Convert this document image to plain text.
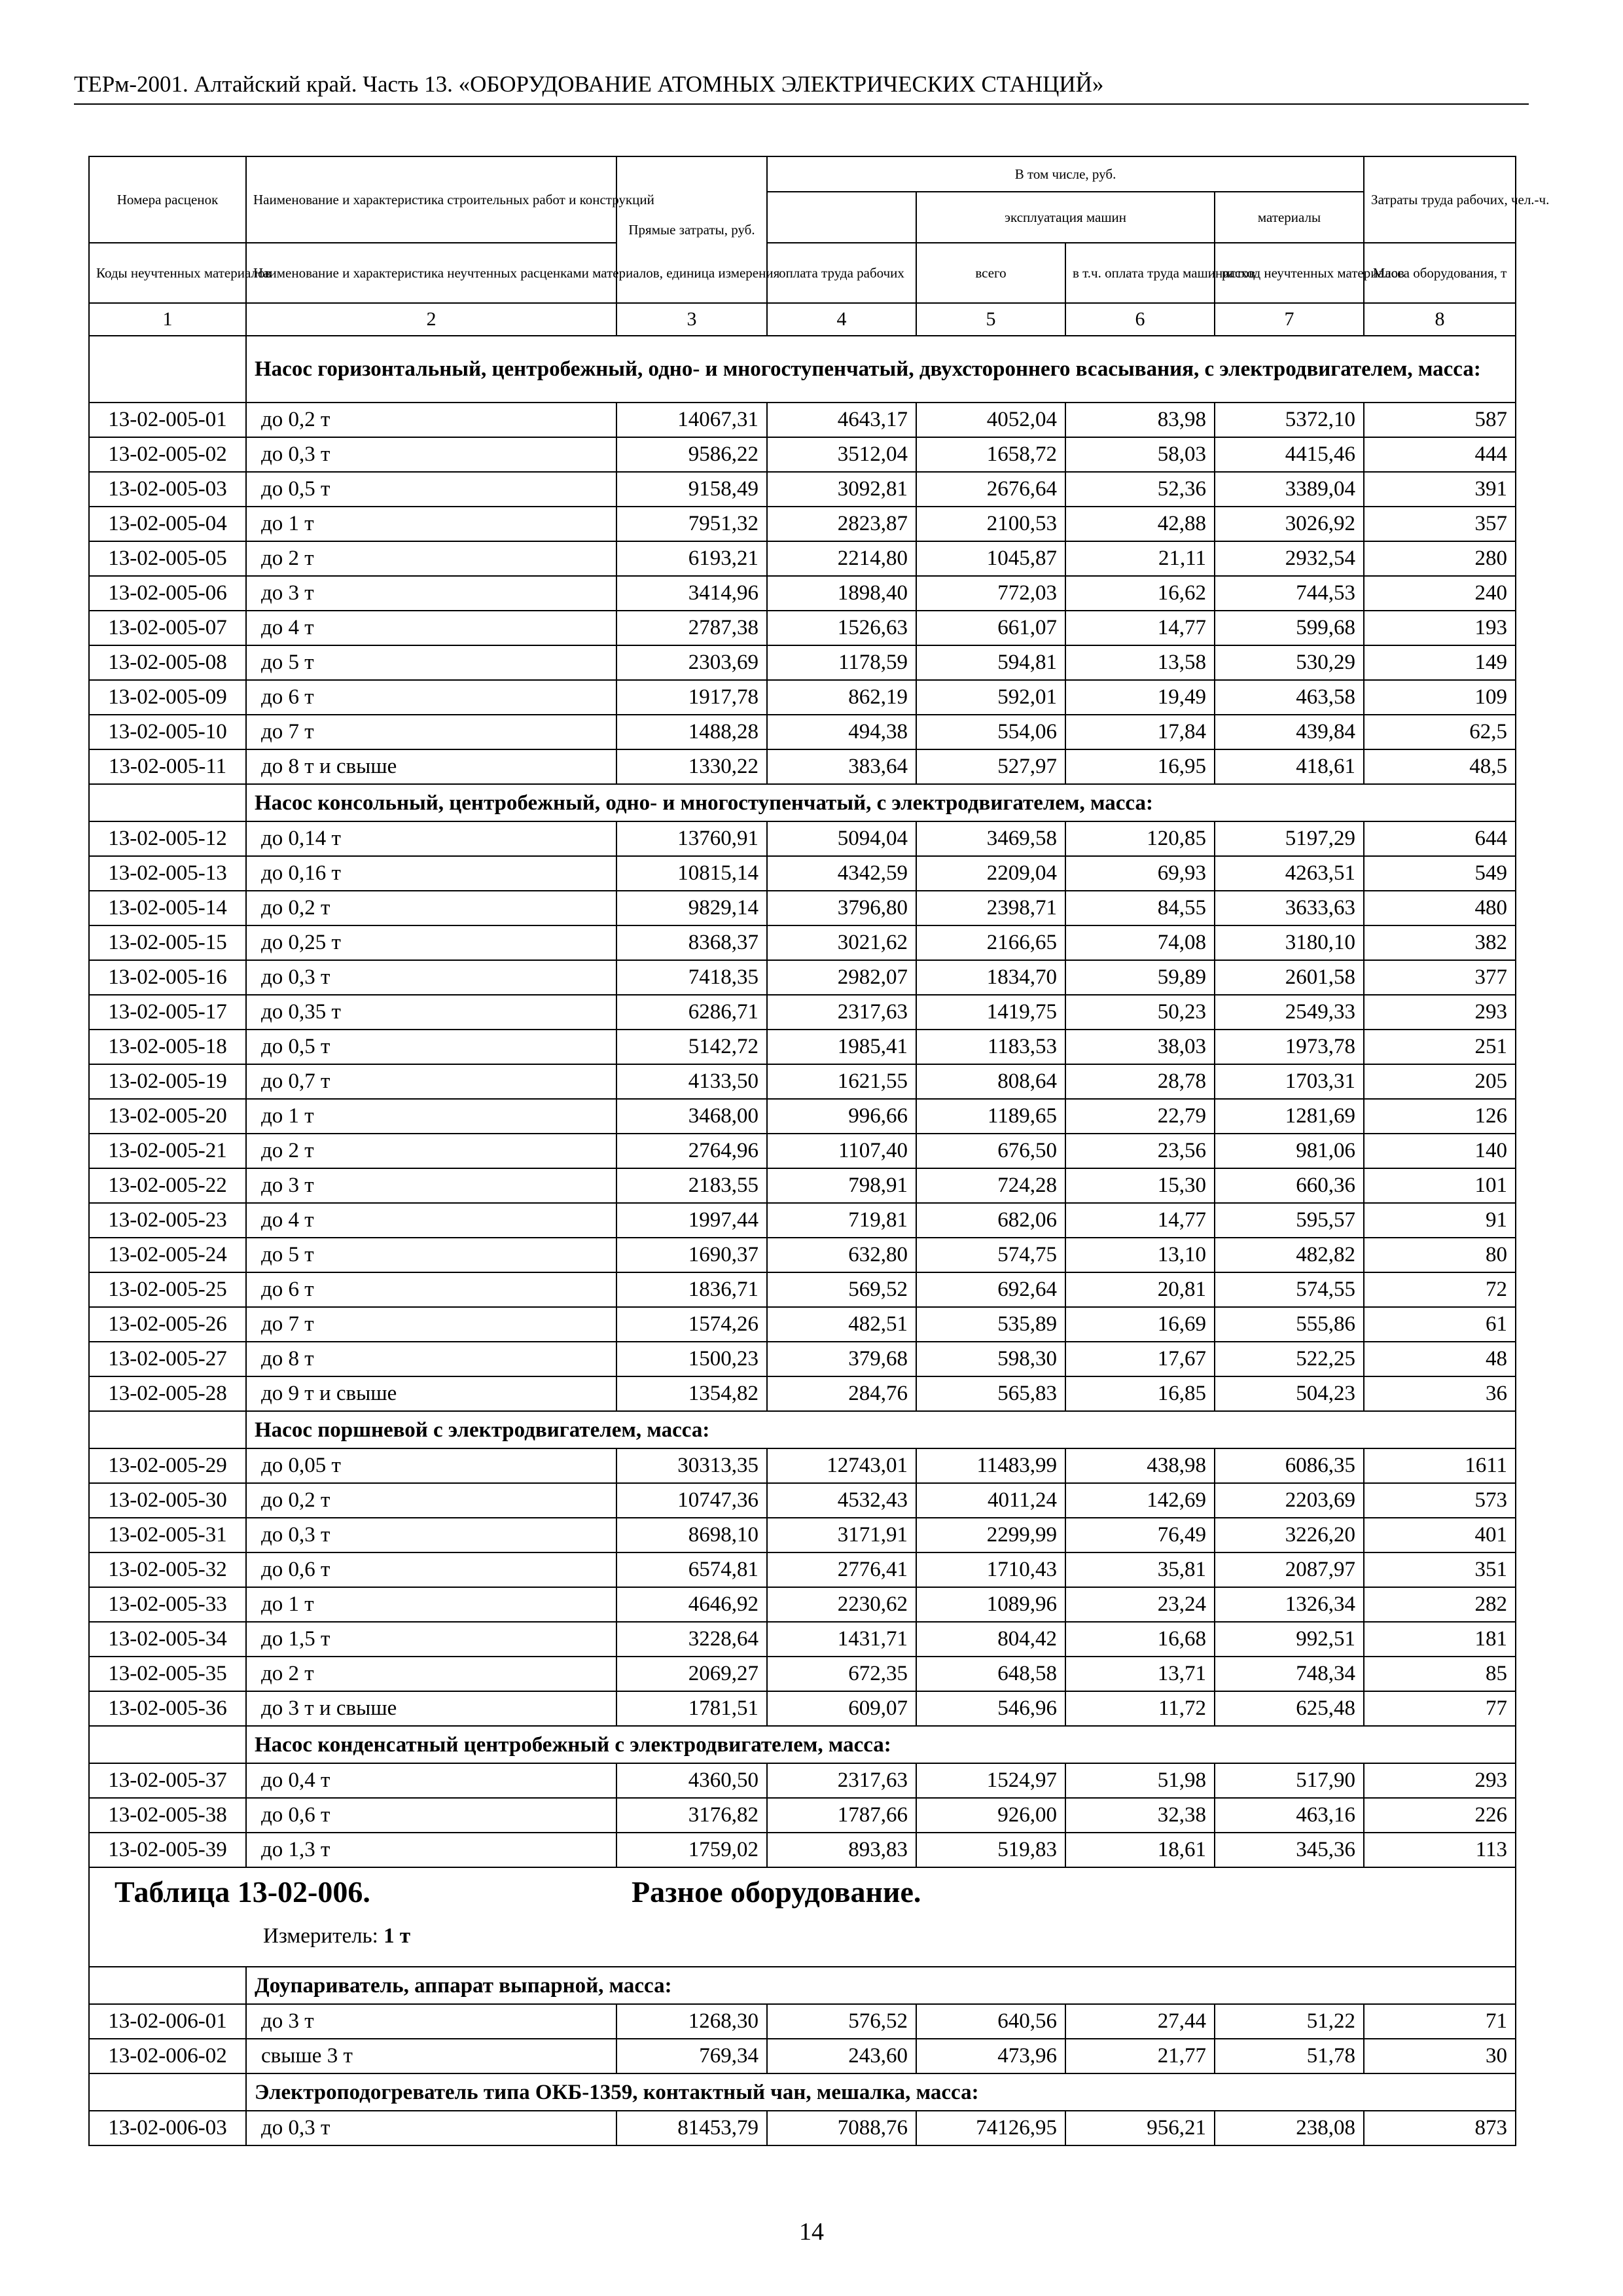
ТЕРм-2001. Алтайский край. Часть 13. «ОБОРУДОВАНИЕ АТОМНЫХ ЭЛЕКТРИЧЕСКИХ СТАНЦИЙ»
Номера расценок	Наименование и характеристика строительных работ и конструкций	Прямые затраты, руб.	В том числе, руб.				Затраты труда рабочих, чел.-ч.
				эксплуатация машин		материалы	
Коды неучтенных материалов	Наименование и характеристика неучтенных расценками материалов, единица измерения		оплата труда рабочих	всего	в т.ч. оплата труда машинистов	расход неучтенных материалов	Масса оборудования, т
1	2	3	4	5	6	7	8
	Насос горизонтальный, центробежный, одно- и многоступенчатый, двухстороннего всасывания, с электродвигателем, масса:						
13-02-005-01	до 0,2 т	14067,31	4643,17	4052,04	83,98	5372,10	587
13-02-005-02	до 0,3 т	9586,22	3512,04	1658,72	58,03	4415,46	444
13-02-005-03	до 0,5 т	9158,49	3092,81	2676,64	52,36	3389,04	391
13-02-005-04	до 1 т	7951,32	2823,87	2100,53	42,88	3026,92	357
13-02-005-05	до 2 т	6193,21	2214,80	1045,87	21,11	2932,54	280
13-02-005-06	до 3 т	3414,96	1898,40	772,03	16,62	744,53	240
13-02-005-07	до 4 т	2787,38	1526,63	661,07	14,77	599,68	193
13-02-005-08	до 5 т	2303,69	1178,59	594,81	13,58	530,29	149
13-02-005-09	до 6 т	1917,78	862,19	592,01	19,49	463,58	109
13-02-005-10	до 7 т	1488,28	494,38	554,06	17,84	439,84	62,5
13-02-005-11	до 8 т и свыше	1330,22	383,64	527,97	16,95	418,61	48,5
	Насос консольный, центробежный, одно- и многоступенчатый, с электродвигателем, масса:						
13-02-005-12	до 0,14 т	13760,91	5094,04	3469,58	120,85	5197,29	644
13-02-005-13	до 0,16 т	10815,14	4342,59	2209,04	69,93	4263,51	549
13-02-005-14	до 0,2 т	9829,14	3796,80	2398,71	84,55	3633,63	480
13-02-005-15	до 0,25 т	8368,37	3021,62	2166,65	74,08	3180,10	382
13-02-005-16	до 0,3 т	7418,35	2982,07	1834,70	59,89	2601,58	377
13-02-005-17	до 0,35 т	6286,71	2317,63	1419,75	50,23	2549,33	293
13-02-005-18	до 0,5 т	5142,72	1985,41	1183,53	38,03	1973,78	251
13-02-005-19	до 0,7 т	4133,50	1621,55	808,64	28,78	1703,31	205
13-02-005-20	до 1 т	3468,00	996,66	1189,65	22,79	1281,69	126
13-02-005-21	до 2 т	2764,96	1107,40	676,50	23,56	981,06	140
13-02-005-22	до 3 т	2183,55	798,91	724,28	15,30	660,36	101
13-02-005-23	до 4 т	1997,44	719,81	682,06	14,77	595,57	91
13-02-005-24	до 5 т	1690,37	632,80	574,75	13,10	482,82	80
13-02-005-25	до 6 т	1836,71	569,52	692,64	20,81	574,55	72
13-02-005-26	до 7 т	1574,26	482,51	535,89	16,69	555,86	61
13-02-005-27	до 8 т	1500,23	379,68	598,30	17,67	522,25	48
13-02-005-28	до 9 т и свыше	1354,82	284,76	565,83	16,85	504,23	36
	Насос поршневой с электродвигателем, масса:						
13-02-005-29	до 0,05 т	30313,35	12743,01	11483,99	438,98	6086,35	1611
13-02-005-30	до 0,2 т	10747,36	4532,43	4011,24	142,69	2203,69	573
13-02-005-31	до 0,3 т	8698,10	3171,91	2299,99	76,49	3226,20	401
13-02-005-32	до 0,6 т	6574,81	2776,41	1710,43	35,81	2087,97	351
13-02-005-33	до 1 т	4646,92	2230,62	1089,96	23,24	1326,34	282
13-02-005-34	до 1,5 т	3228,64	1431,71	804,42	16,68	992,51	181
13-02-005-35	до 2 т	2069,27	672,35	648,58	13,71	748,34	85
13-02-005-36	до 3 т и свыше	1781,51	609,07	546,96	11,72	625,48	77
	Насос конденсатный центробежный с электродвигателем, масса:						
13-02-005-37	до 0,4 т	4360,50	2317,63	1524,97	51,98	517,90	293
13-02-005-38	до 0,6 т	3176,82	1787,66	926,00	32,38	463,16	226
13-02-005-39	до 1,3 т	1759,02	893,83	519,83	18,61	345,36	113

Таблица 13-02-006. Разное оборудование.
Измеритель: 1 т							

	Доупариватель, аппарат выпарной, масса:						
13-02-006-01	до 3 т	1268,30	576,52	640,56	27,44	51,22	71
13-02-006-02	свыше 3 т	769,34	243,60	473,96	21,77	51,78	30
	Электроподогреватель типа ОКБ-1359, контактный чан, мешалка, масса:						
13-02-006-03	до 0,3 т	81453,79	7088,76	74126,95	956,21	238,08	873
14
